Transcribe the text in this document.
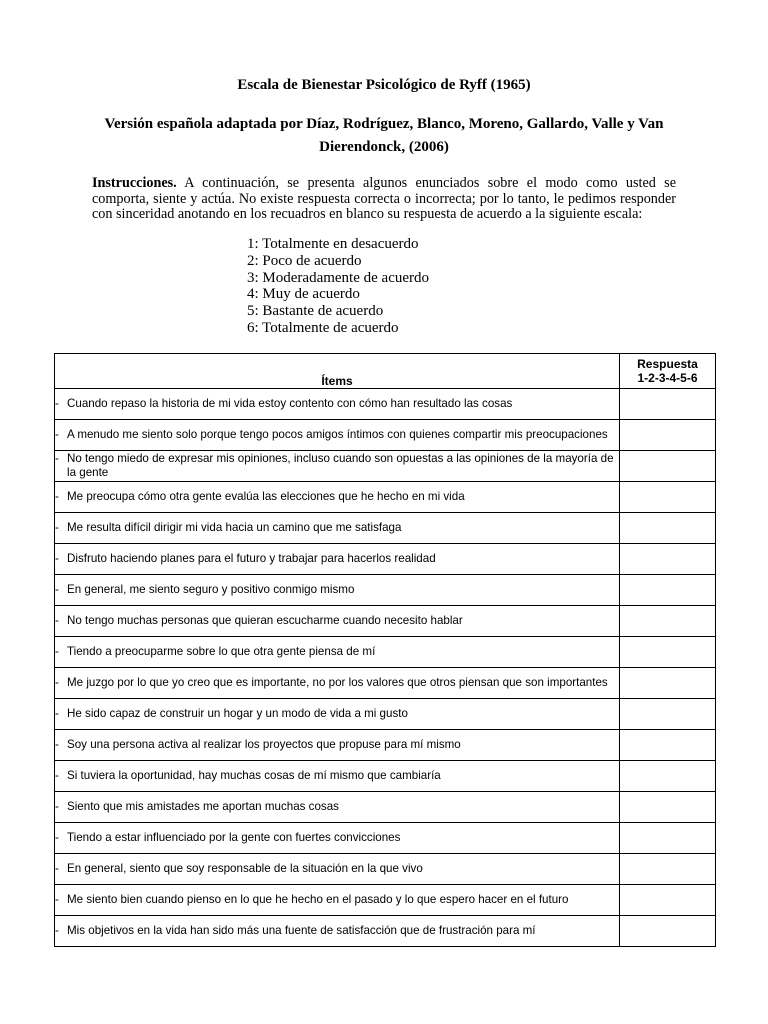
Escala de Bienestar Psicológico de Ryff (1965)
Versión española adaptada por Díaz, Rodríguez, Blanco, Moreno, Gallardo, Valle y Van Dierendonck, (2006)
Instrucciones. A continuación, se presenta algunos enunciados sobre el modo como usted se comporta, siente y actúa. No existe respuesta correcta o incorrecta; por lo tanto, le pedimos responder con sinceridad anotando en los recuadros en blanco su respuesta de acuerdo a la siguiente escala:
1: Totalmente en desacuerdo
2: Poco de acuerdo
3: Moderadamente de acuerdo
4: Muy de acuerdo
5: Bastante de acuerdo
6: Totalmente de acuerdo
Ítems	Respuesta
1-2-3-4-5-6

- Cuando repaso la historia de mi vida estoy contento con cómo han resultado las cosas	

- A menudo me siento solo porque tengo pocos amigos íntimos con quienes compartir mis preocupaciones	

- No tengo miedo de expresar mis opiniones, incluso cuando son opuestas a las opiniones de la mayoría de la gente	

- Me preocupa cómo otra gente evalúa las elecciones que he hecho en mi vida	

- Me resulta difícil dirigir mi vida hacia un camino que me satisfaga	

- Disfruto haciendo planes para el futuro y trabajar para hacerlos realidad	

- En general, me siento seguro y positivo conmigo mismo	

- No tengo muchas personas que quieran escucharme cuando necesito hablar	

- Tiendo a preocuparme sobre lo que otra gente piensa de mí	

- Me juzgo por lo que yo creo que es importante, no por los valores que otros piensan que son importantes	

- He sido capaz de construir un hogar y un modo de vida a mi gusto	

- Soy una persona activa al realizar los proyectos que propuse para mí mismo	

- Si tuviera la oportunidad, hay muchas cosas de mí mismo que cambiaría	

- Siento que mis amistades me aportan muchas cosas	

- Tiendo a estar influenciado por la gente con fuertes convicciones	

- En general, siento que soy responsable de la situación en la que vivo	

- Me siento bien cuando pienso en lo que he hecho en el pasado y lo que espero hacer en el futuro	

- Mis objetivos en la vida han sido más una fuente de satisfacción que de frustración para mí	
